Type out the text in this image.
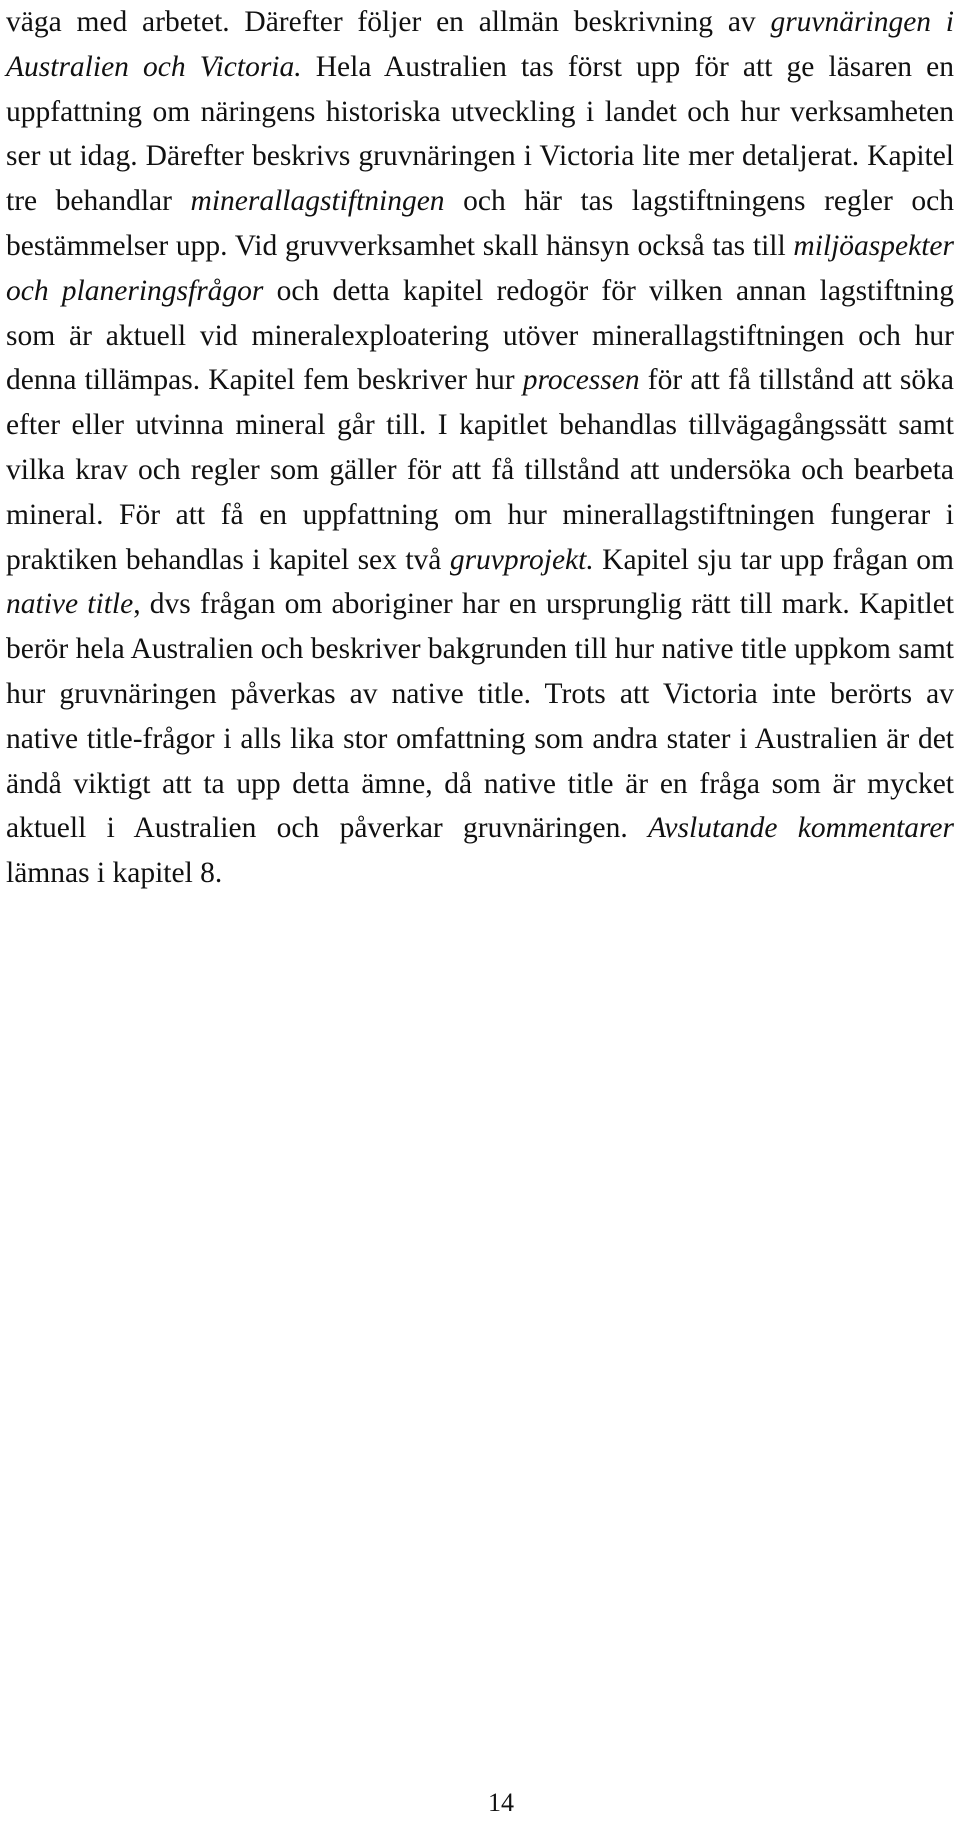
väga med arbetet. Därefter följer en allmän beskrivning av gruvnäringen i Australien och Victoria. Hela Australien tas först upp för att ge läsaren en uppfattning om näringens historiska utveckling i landet och hur verksamheten ser ut idag. Därefter beskrivs gruvnäringen i Victoria lite mer detaljerat. Kapitel tre behandlar minerallagstiftningen och här tas lagstiftningens regler och bestämmelser upp. Vid gruvverksamhet skall hänsyn också tas till miljöaspekter och planeringsfrågor och detta kapitel redogör för vilken annan lagstiftning som är aktuell vid mineralexploatering utöver minerallagstiftningen och hur denna tillämpas. Kapitel fem beskriver hur processen för att få tillstånd att söka efter eller utvinna mineral går till. I kapitlet behandlas tillvägagångssätt samt vilka krav och regler som gäller för att få tillstånd att undersöka och bearbeta mineral. För att få en uppfattning om hur minerallagstiftningen fungerar i praktiken behandlas i kapitel sex två gruvprojekt. Kapitel sju tar upp frågan om native title, dvs frågan om aboriginer har en ursprunglig rätt till mark. Kapitlet berör hela Australien och beskriver bakgrunden till hur native title uppkom samt hur gruvnäringen påverkas av native title. Trots att Victoria inte berörts av native title-frågor i alls lika stor omfattning som andra stater i Australien är det ändå viktigt att ta upp detta ämne, då native title är en fråga som är mycket aktuell i Australien och påverkar gruvnäringen. Avslutande kommentarer lämnas i kapitel 8.

14
